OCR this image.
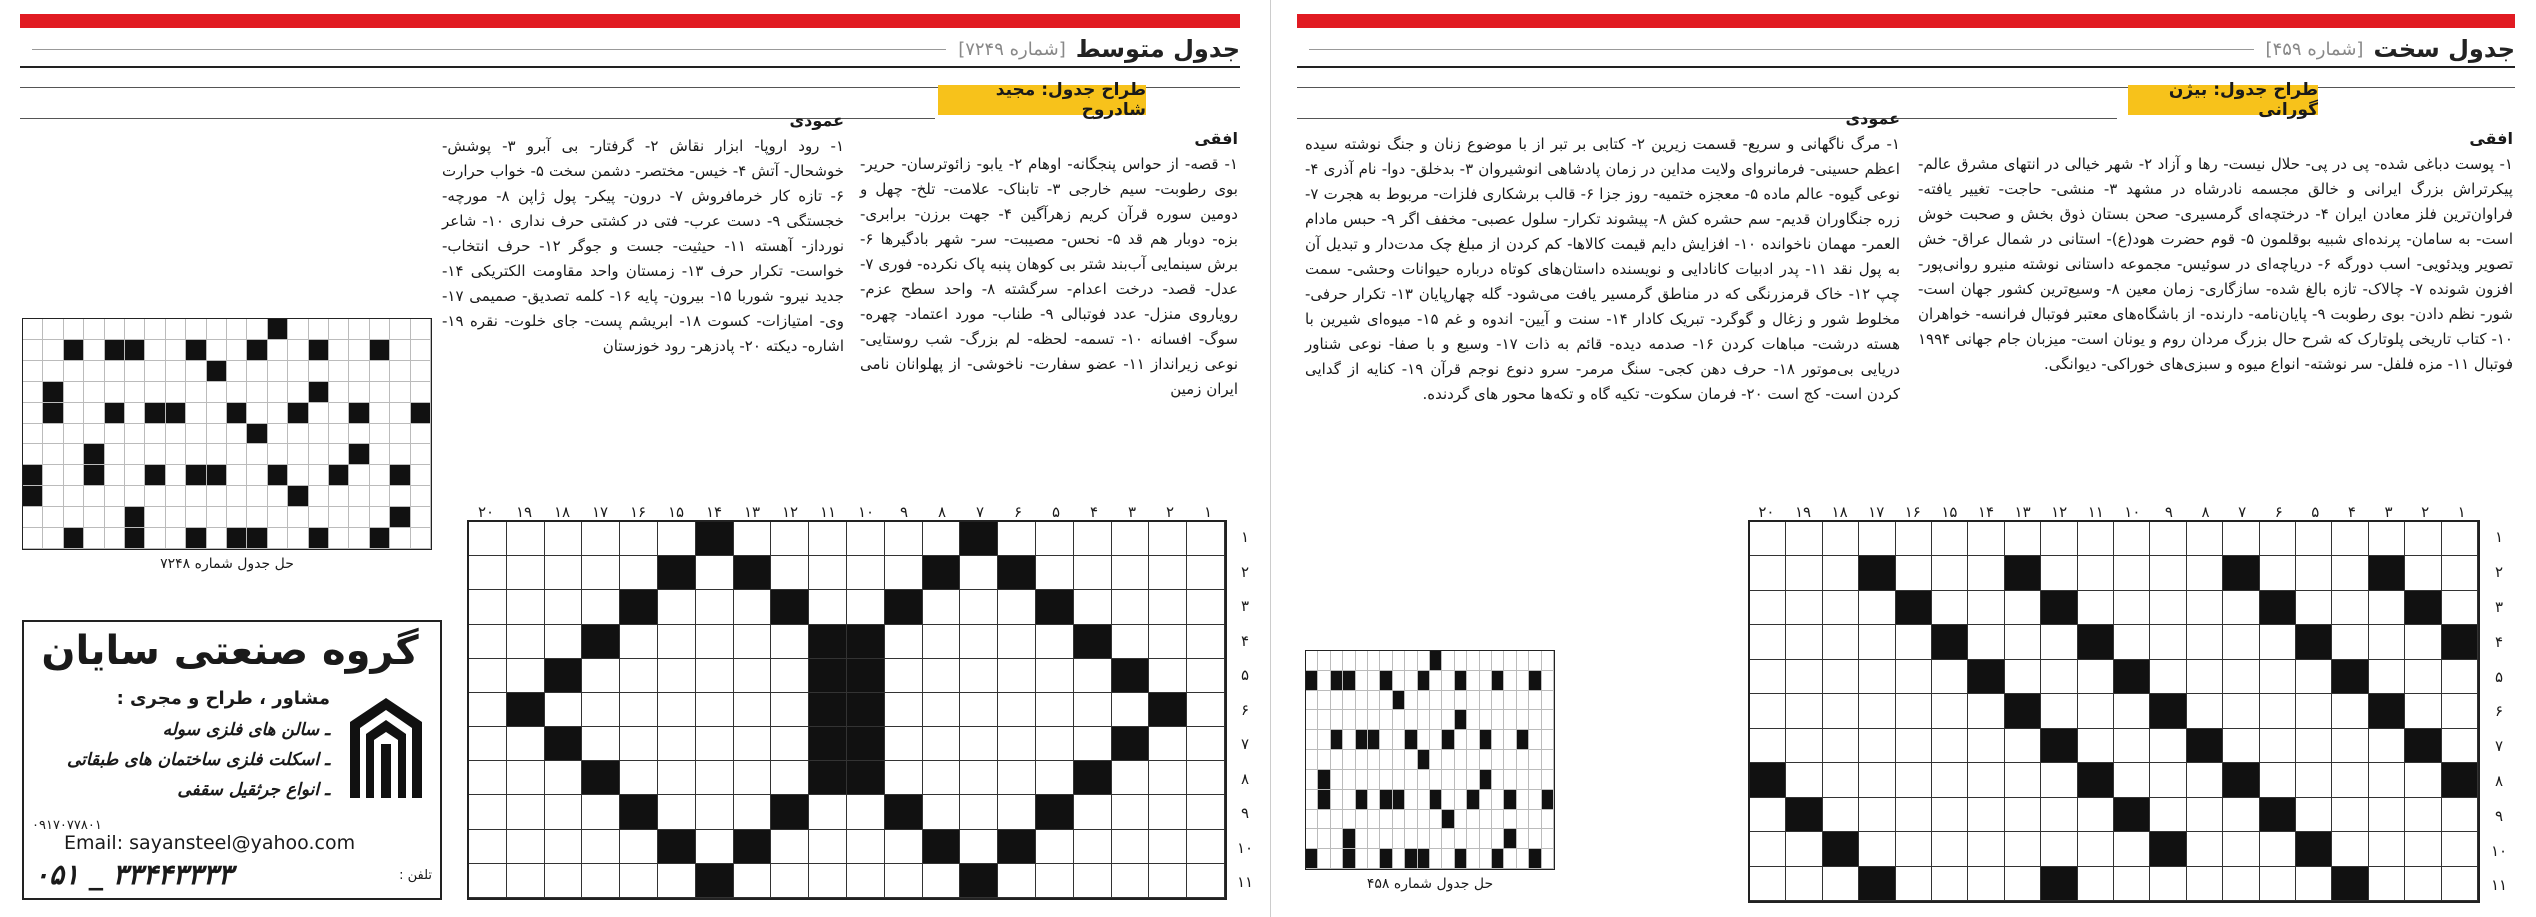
جدول سخت
[شماره ۴۵۹]
طراح جدول: بیژن گورانی
افقی
۱- پوست دباغی شده- پی در پی- حلال نیست- رها و آزاد ۲- شهر خیالی در انتهای مشرق عالم- پیکرتراش بزرگ ایرانی و خالق مجسمه نادرشاه در مشهد ۳- منشی- حاجت- تغییر یافته- فراوان‌ترین فلز معادن ایران ۴- درختچه‌ای گرمسیری- صحن بستان ذوق بخش و صحبت خوش است- به سامان- پرنده‌ای شبیه بوقلمون ۵- قوم حضرت هود(ع)- استانی در شمال عراق- خش تصویر ویدئویی- اسب دورگه ۶- دریاچه‌ای در سوئیس- مجموعه داستانی نوشته منیرو روانی‌پور- افزون شونده ۷- چالاک- تازه بالغ شده- سازگاری- زمان معین ۸- وسیع‌ترین کشور جهان است- شور- نظم دادن- بوی رطوبت ۹- پایان‌نامه- دارنده- از باشگاه‌های معتبر فوتبال فرانسه- خواهران ۱۰- کتاب تاریخی پلوتارک که شرح حال بزرگ مردان روم و یونان است- میزبان جام جهانی ۱۹۹۴ فوتبال ۱۱- مزه فلفل- سر نوشته- انواع میوه و سبزی‌های خوراکی- دیوانگی.
عمودی
۱- مرگ ناگهانی و سریع- قسمت زیرین ۲- کتابی بر تبر از با موضوع زنان و جنگ نوشته سیده اعظم حسینی- فرمانروای ولایت مداین در زمان پادشاهی انوشیروان ۳- بدخلق- دوا- نام آذری ۴- نوعی گیوه- عالم ماده ۵- معجزه ختمیه- روز جزا ۶- قالب برشکاری فلزات- مربوط به هجرت ۷- زره جنگاوران قدیم- سم حشره کش ۸- پیشوند تکرار- سلول عصبی- مخفف اگر ۹- حبس مادام العمر- مهمان ناخوانده ۱۰- افزایش دایم قیمت کالاها- کم کردن از مبلغ چک مدت‌دار و تبدیل آن به پول نقد ۱۱- پدر ادبیات کانادایی و نویسنده داستان‌های کوتاه درباره حیوانات وحشی- سمت چپ ۱۲- خاک قرمزرنگی که در مناطق گرمسیر یافت می‌شود- گله چهارپایان ۱۳- تکرار حرفی- مخلوط شور و زغال و گوگرد- تبریک کادار ۱۴- سنت و آیین- اندوه و غم ۱۵- میوه‌ای شیرین با هسته درشت- مباهات کردن ۱۶- صدمه دیده- قائم به ذات ۱۷- وسیع و با صفا- نوعی شناور دریایی بی‌موتور ۱۸- حرف دهن کجی- سنگ مرمر- سرو دنوع نوجم قرآن ۱۹- کنایه از گدایی کردن است- کج است ۲۰- فرمان سکوت- تکیه گاه و تکه‌ها محور های گردنده.
۱
۲
۳
۴
۵
۶
۷
۸
۹
۱۰
۱۱
۱۲
۱۳
۱۴
۱۵
۱۶
۱۷
۱۸
۱۹
۲۰
۱
۲
۳
۴
۵
۶
۷
۸
۹
۱۰
۱۱
حل جدول شماره ۴۵۸
جدول متوسط
[شماره ۷۲۴۹]
طراح جدول: مجید شادروح
افقی
۱- قصه- از حواس پنجگانه- اوهام ۲- یابو- زائوترسان- حریر- بوی رطوبت- سیم خارجی ۳- تابناک- علامت- تلخ- چهل و دومین سوره قرآن کریم زهرآگین ۴- جهت برزن- برابری- بزه- دوبار هم قد ۵- نحس- مصیبت- سر- شهر بادگیرها ۶- برش سینمایی آب‌بند شتر بی کوهان پنبه پاک نکرده- فوری ۷- عدل- قصد- درخت اعدام- سرگشته ۸- واحد سطح عزم- رویاروی منزل- عدد فوتبالی ۹- طناب- مورد اعتماد- چهره- سوگ- افسانه ۱۰- تسمه- لحظه- لم بزرگ- شب روستایی- نوعی زیرانداز ۱۱- عضو سفارت- ناخوشی- از پهلوانان نامی ایران زمین
عمودی
۱- رود اروپا- ابزار نقاش ۲- گرفتار- بی آبرو ۳- پوشش- خوشحال- آتش ۴- خیس- مختصر- دشمن سخت ۵- خواب حرارت ۶- تازه کار خرمافروش ۷- درون- پیکر- پول ژاپن ۸- مورچه- خجستگی ۹- دست عرب- فتی در کشتی حرف نداری ۱۰- شاعر نورداز- آهسته ۱۱- حیثیت- جست و جوگر ۱۲- حرف انتخاب- خواست- تکرار حرف ۱۳- زمستان واحد مقاومت الکتریکی ۱۴- جدید نیرو- شوربا ۱۵- بیرون- پایه ۱۶- کلمه تصدیق- صمیمی ۱۷- وی- امتیازات- کسوت ۱۸- ابریشم پست- جای خلوت- نقره ۱۹- اشاره- دیکته ۲۰- پادزهر- رود خوزستان
۱
۲
۳
۴
۵
۶
۷
۸
۹
۱۰
۱۱
۱۲
۱۳
۱۴
۱۵
۱۶
۱۷
۱۸
۱۹
۲۰
۱
۲
۳
۴
۵
۶
۷
۸
۹
۱۰
۱۱
حل جدول شماره ۷۲۴۸
گروه صنعتی سایان
مشاور ، طراح و مجری :
ـ سالن های فلزی سوله
ـ اسکلت فلزی ساختمان های طبقاتی
ـ انواع جرثقیل سقفی
۰۹۱۷۰۷۷۸۰۱
Email: sayansteel@yahoo.com
تلفن :
۰۵۱ _ ۳۳۴۴۳۳۳۳
